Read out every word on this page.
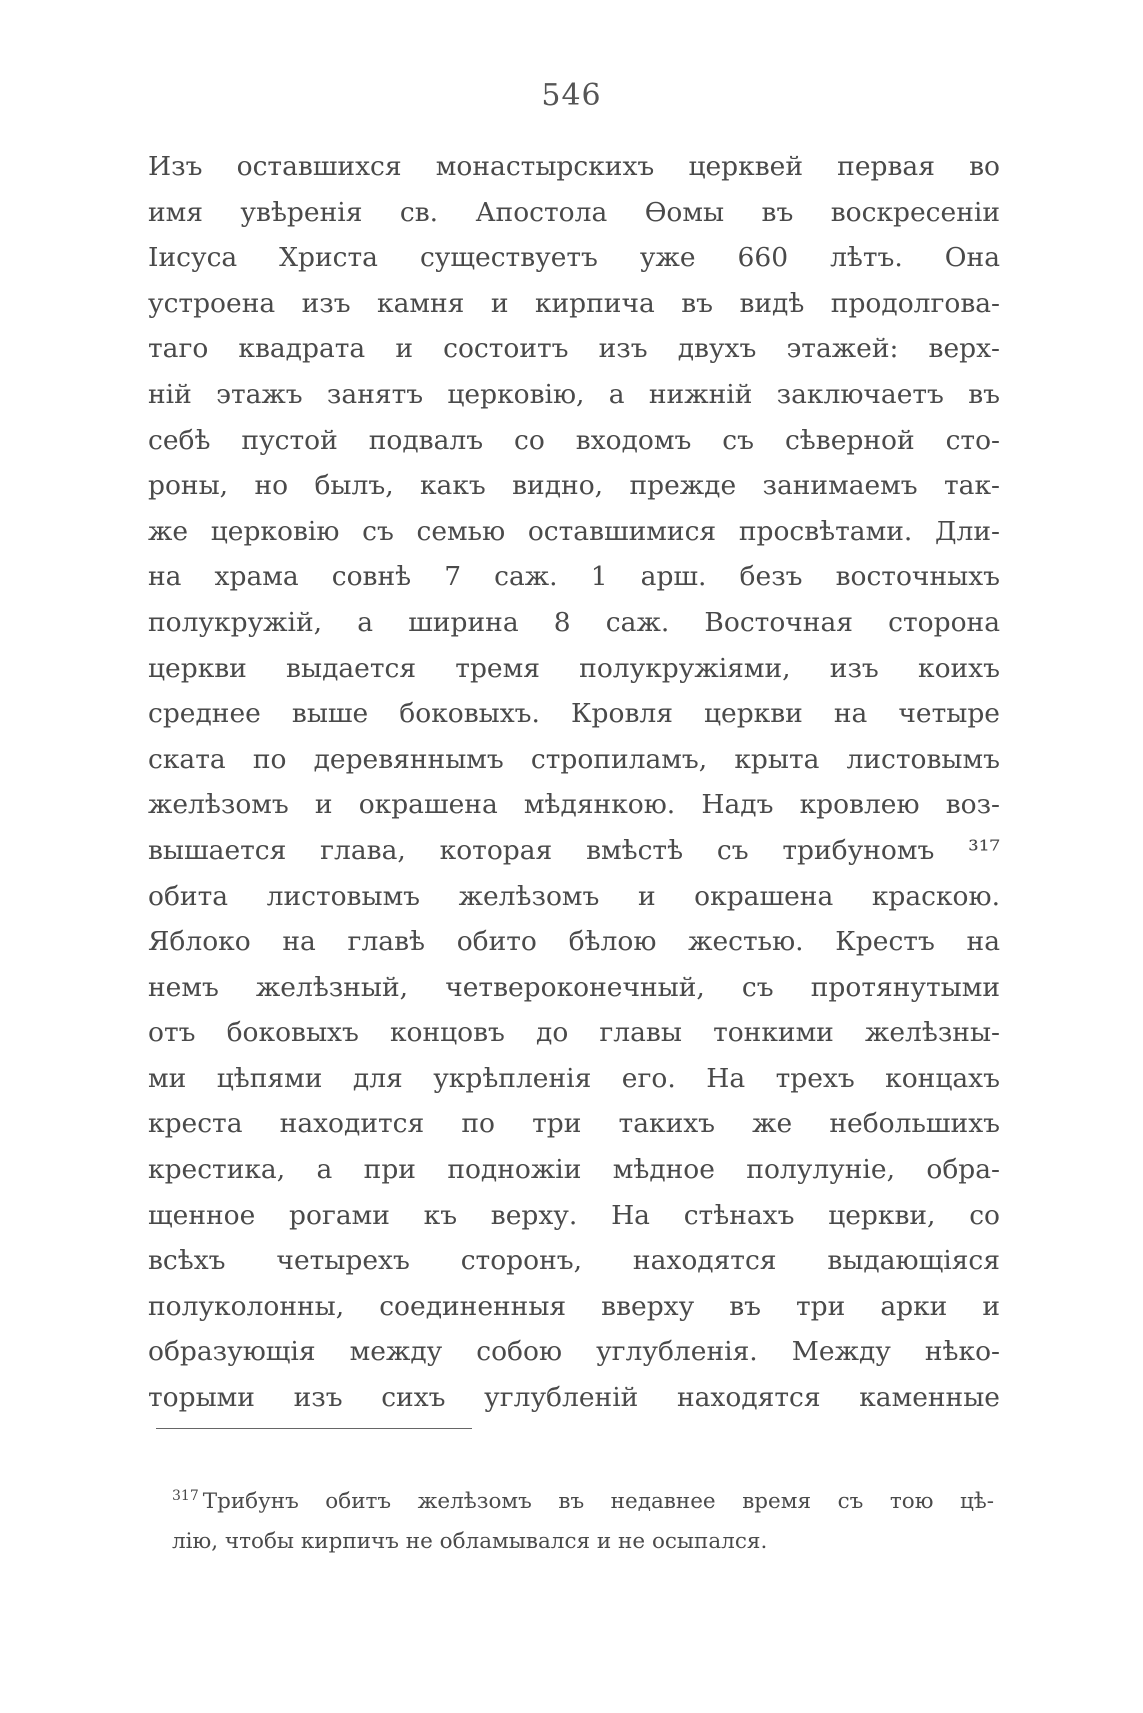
546
Изъ оставшихся монастырскихъ церквей первая во
имя увѣренія св. Апостола Ѳомы въ воскресеніи
Іисуса Христа существуетъ уже 660 лѣтъ. Она
устроена изъ камня и кирпича въ видѣ продолговa-
таго квадрата и состоитъ изъ двухъ этажей: верх-
ній этажъ занятъ церковію, а нижній заключаетъ въ
себѣ пустой подвалъ со входомъ съ сѣверной сто-
роны, но былъ, какъ видно, прежде занимаемъ так-
же церковію съ семью оставшимися просвѣтами. Дли-
на храма совнѣ 7 саж. 1 арш. безъ восточныхъ
полукружій, а ширина 8 саж. Восточная сторона
церкви выдается тремя полукружіями, изъ коихъ
среднее выше боковыхъ. Кровля церкви на четыре
ската по деревяннымъ стропиламъ, крыта листовымъ
желѣзомъ и окрашена мѣдянкою. Надъ кровлею воз-
вышается глава, которая вмѣстѣ съ трибуномъ ³¹⁷
обита листовымъ желѣзомъ и окрашена краскою.
Яблоко на главѣ обито бѣлою жестью. Крестъ на
немъ желѣзный, четвероконечный, съ протянутыми
отъ боковыхъ концовъ до главы тонкими желѣзны-
ми цѣпями для укрѣпленія его. На трехъ концахъ
креста находится по три такихъ же небольшихъ
крестика, а при подножіи мѣдное полулуніе, обра-
щенное рогами къ верху. На стѣнахъ церкви, со
всѣхъ четырехъ сторонъ, находятся выдающіяся
полуколонны, соединенныя вверху въ три арки и
образующія между собою углубленія. Между нѣко-
торыми изъ сихъ углубленій находятся каменные
$^{317}$ Трибунъ обитъ желѣзомъ въ недавнее время съ тою цѣ-
лію, чтобы кирпичъ не обламывался и не осыпался.
